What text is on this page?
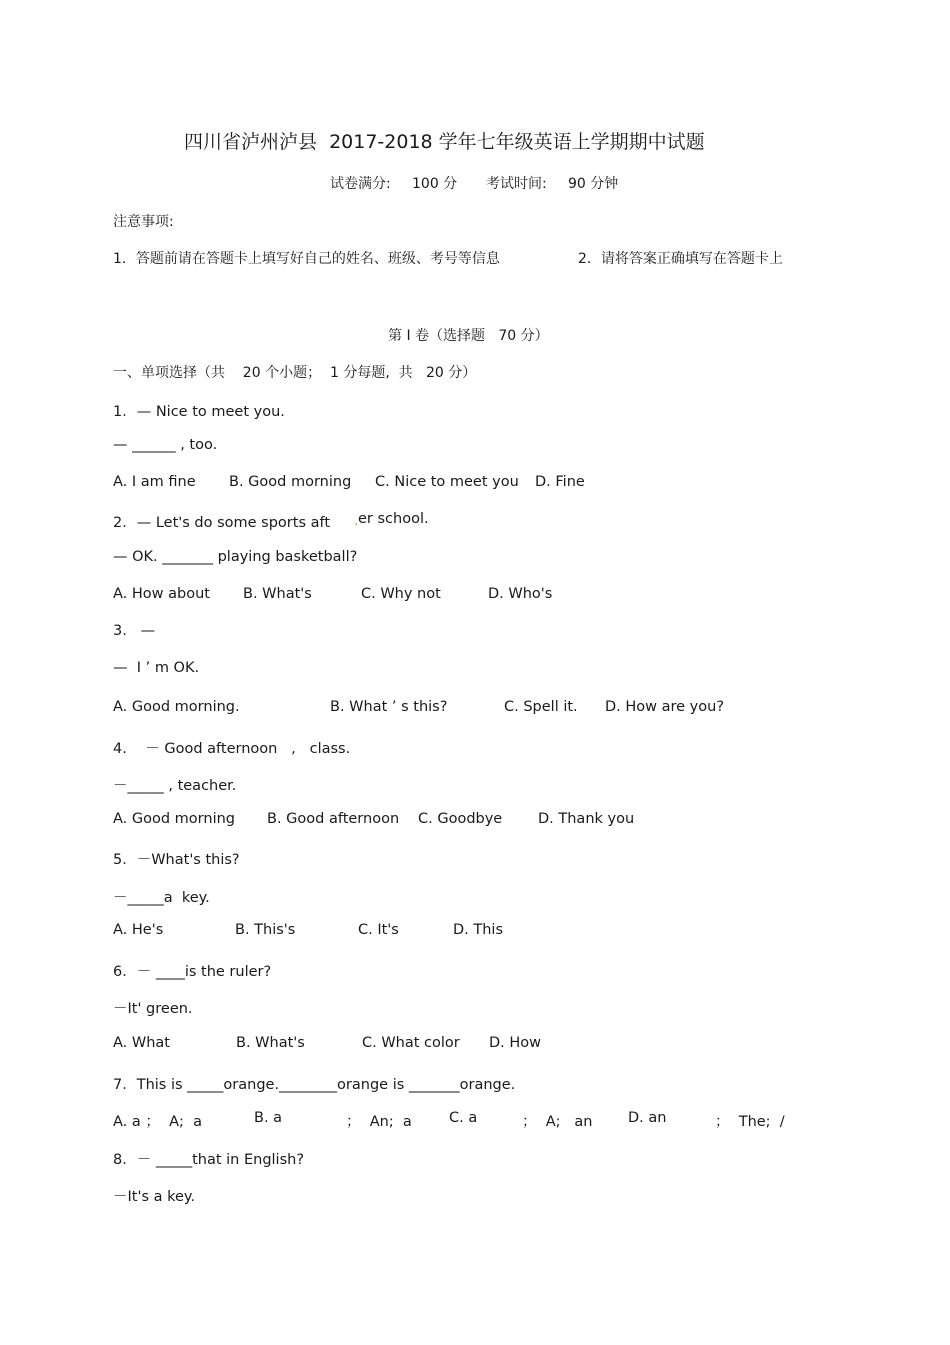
四川省泸州泸县  2017-2018 学年七年级英语上学期期中试题
试卷满分: 100 分 考试时间: 90 分钟
注意事项:
1．答题前请在答题卡上填写好自己的姓名、班级、考号等信息	2．请将答案正确填写在答题卡上
第 I 卷（选择题   70 分）
一、单项选择（共    20 个小题；  1 分每题,  共   20 分）
1．— Nice to meet you.
— ______ , too.
A. I am fine B. Good morning C. Nice to meet you D. Fine
2．— Let's do some sports aft . er school.
— OK. _______ playing basketball?
A. How about B. What's	C. Why not	D. Who's
3.   —
—  I ’ m OK.
A. Good morning.	B. What ’ s this?	C. Spell it. D. How are you?
4.    － Good afternoon   ,   class.
－_____ , teacher.
A. Good morning B. Good afternoon C. Goodbye D. Thank you
5．－What's this?
－_____a  key.
A. He's	B. This's	C. It's	D. This
6．－ ____is the ruler?
－It' green.
A. What	B. What's	C. What color D. How
7．This is _____orange.________orange is _______orange.
A. a ；  A;  a	B. a	；  An;  a	C. a	；  A;   an D. an	；  The;  /
8．－ _____that in English?
－It's a key.
